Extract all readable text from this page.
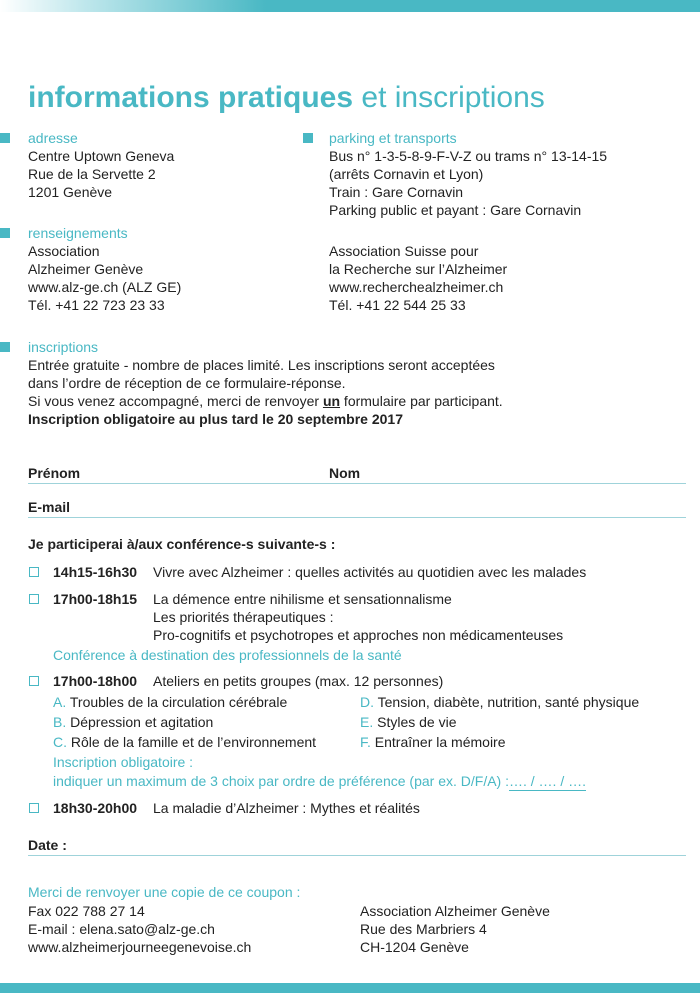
informations pratiques et inscriptions
adresse
Centre Uptown Geneva
Rue de la Servette 2
1201 Genève
parking et transports
Bus n° 1-3-5-8-9-F-V-Z ou trams n° 13-14-15
(arrêts Cornavin et Lyon)
Train : Gare Cornavin
Parking public et payant : Gare Cornavin
renseignements
Association
Alzheimer Genève
www.alz-ge.ch (ALZ GE)
Tél. +41 22 723 23 33
Association Suisse pour
la Recherche sur l’Alzheimer
www.recherchealzheimer.ch
Tél. +41 22 544 25 33
inscriptions
Entrée gratuite - nombre de places limité. Les inscriptions seront acceptées
dans l’ordre de réception de ce formulaire-réponse.
Si vous venez accompagné, merci de renvoyer un formulaire par participant.
Inscription obligatoire au plus tard le 20 septembre 2017
Prénom	Nom
E-mail
Je participerai à/aux conférence-s suivante-s :
14h15-16h30 Vivre avec Alzheimer : quelles activités au quotidien avec les malades
17h00-18h15 La démence entre nihilisme et sensationnalisme
Les priorités thérapeutiques :
Pro-cognitifs et psychotropes et approches non médicamenteuses
Conférence à destination des professionnels de la santé
17h00-18h00 Ateliers en petits groupes (max. 12 personnes)
A. Troubles de la circulation cérébrale
B. Dépression et agitation
C. Rôle de la famille et de l’environnement
D. Tension, diabète, nutrition, santé physique
E. Styles de vie
F. Entraîner la mémoire
Inscription obligatoire :
indiquer un maximum de 3 choix par ordre de préférence (par ex. D/F/A) :…. / …. / ….
18h30-20h00 La maladie d’Alzheimer : Mythes et réalités
Date :
Merci de renvoyer une copie de ce coupon :
Fax 022 788 27 14
E-mail : elena.sato@alz-ge.ch
www.alzheimerjourneegenevoise.ch
Association Alzheimer Genève
Rue des Marbriers 4
CH-1204 Genève
